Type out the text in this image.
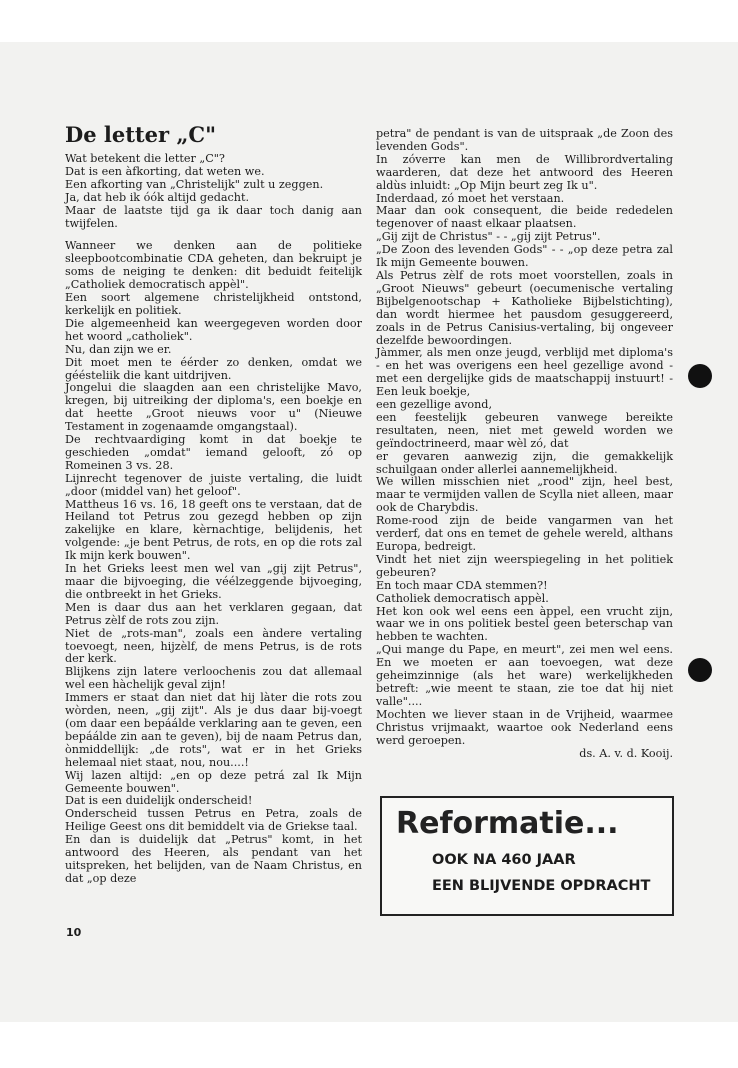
De letter „C"

Wat betekent die letter „C"?

Dat is een àfkorting, dat weten we.

Een afkorting van „Christelijk" zult u zeggen.

Ja, dat heb ik óók altijd gedacht.

Maar de laatste tijd ga ik daar toch danig aan twijfelen.

Wanneer we denken aan de politieke sleepbootcombinatie CDA geheten, dan bekruipt je soms de neiging te denken: dit beduidt feitelijk „Catholiek democratisch appèl".

Een soort algemene christelijkheid ontstond, kerkelijk en politiek.

Die algemeenheid kan weergegeven worden door het woord „catholiek".

Nu, dan zijn we er.

Dit moet men te éérder zo denken, omdat we géésteliik die kant uitdrijven.

Jongelui die slaagden aan een christelijke Mavo, kregen, bij uitreiking der diploma's, een boekje en dat heette „Groot nieuws voor u" (Nieuwe Testament in zogenaamde omgangstaal).

De rechtvaardiging komt in dat boekje te geschieden „omdat" iemand gelooft, zó op Romeinen 3 vs. 28.

Lijnrecht tegenover de juiste vertaling, die luidt „door (middel van) het geloof".

Mattheus 16 vs. 16, 18 geeft ons te verstaan, dat de Heiland tot Petrus zou gezegd hebben op zijn zakelijke en klare, kèrnachtige, belijdenis, het volgende: „je bent Petrus, de rots, en op die rots zal Ik mijn kerk bouwen".

In het Grieks leest men wel van „gij zijt Petrus", maar die bijvoeging, die véélzeggende bijvoeging, die ontbreekt in het Grieks.

Men is daar dus aan het verklaren gegaan, dat Petrus zèlf de rots zou zijn.

Niet de „rots-man", zoals een àndere vertaling toevoegt, neen, hijzèlf, de mens Petrus, is de rots der kerk.

Blijkens zijn latere verloochenis zou dat allemaal wel een hàchelijk geval zijn!

Immers er staat dan niet dat hij làter die rots zou wòrden, neen, „gij zijt". Als je dus daar bij-voegt (om daar een bepáálde verklaring aan te geven, een bepáálde zin aan te geven), bij de naam Petrus dan, ònmiddellijk: „de rots", wat er in het Grieks helemaal niet staat, nou, nou....!

Wij lazen altijd: „en op deze petrá zal Ik Mijn Gemeente bouwen".

Dat is een duidelijk onderscheid!

Onderscheid tussen Petrus en Petra, zoals de Heilige Geest ons dit bemiddelt via de Griekse taal.

En dan is duidelijk dat „Petrus" komt, in het antwoord des Heeren, als pendant van het uitspreken, het belijden, van de Naam Christus, en dat „op deze

petra" de pendant is van de uitspraak „de Zoon des levenden Gods".

In zóverre kan men de Willibrordvertaling waarderen, dat deze het antwoord des Heeren aldùs inluidt: „Op Mijn beurt zeg Ik u".

Inderdaad, zó moet het verstaan.

Maar dan ook consequent, die beide rededelen tegenover of naast elkaar plaatsen.

„Gij zijt de Christus" - - „gij zijt Petrus".

„De Zoon des levenden Gods" - - „op deze petra zal Ik mijn Gemeente bouwen.

Als Petrus zèlf de rots moet voorstellen, zoals in „Groot Nieuws" gebeurt (oecumenische vertaling Bijbelgenootschap + Katholieke Bijbelstichting), dan wordt hiermee het pausdom gesuggereerd, zoals in de Petrus Canisius-vertaling, bij ongeveer dezelfde bewoordingen.

Jàmmer, als men onze jeugd, verblijd met diploma's - en het was overigens een heel gezellige avond - met een dergelijke gids de maatschappij instuurt! - Een leuk boekje,

een gezellige avond,

een feestelijk gebeuren vanwege bereikte resultaten, neen, niet met geweld worden we geïndoctrineerd, maar wèl zó, dat

er gevaren aanwezig zijn, die gemakkelijk schuilgaan onder allerlei aannemelijkheid.

We willen misschien niet „rood" zijn, heel best, maar te vermijden vallen de Scylla niet alleen, maar ook de Charybdis.

Rome-rood zijn de beide vangarmen van het verderf, dat ons en temet de gehele wereld, althans Europa, bedreigt.

Vindt het niet zijn weerspiegeling in het politiek gebeuren?

En toch maar CDA stemmen?!

Catholiek democratisch appèl.

Het kon ook wel eens een àppel, een vrucht zijn, waar we in ons politiek bestel geen beterschap van hebben te wachten.

„Qui mange du Pape, en meurt", zei men wel eens. En we moeten er aan toevoegen, wat deze geheimzinnige (als het ware) werkelijkheden betreft: „wie meent te staan, zie toe dat hij niet valle"....

Mochten we liever staan in de Vrijheid, waarmee Christus vrijmaakt, waartoe ook Nederland eens werd geroepen.

ds. A. v. d. Kooij.

Reformatie...
OOK NA 460 JAAR
EEN BLIJVENDE OPDRACHT
10
